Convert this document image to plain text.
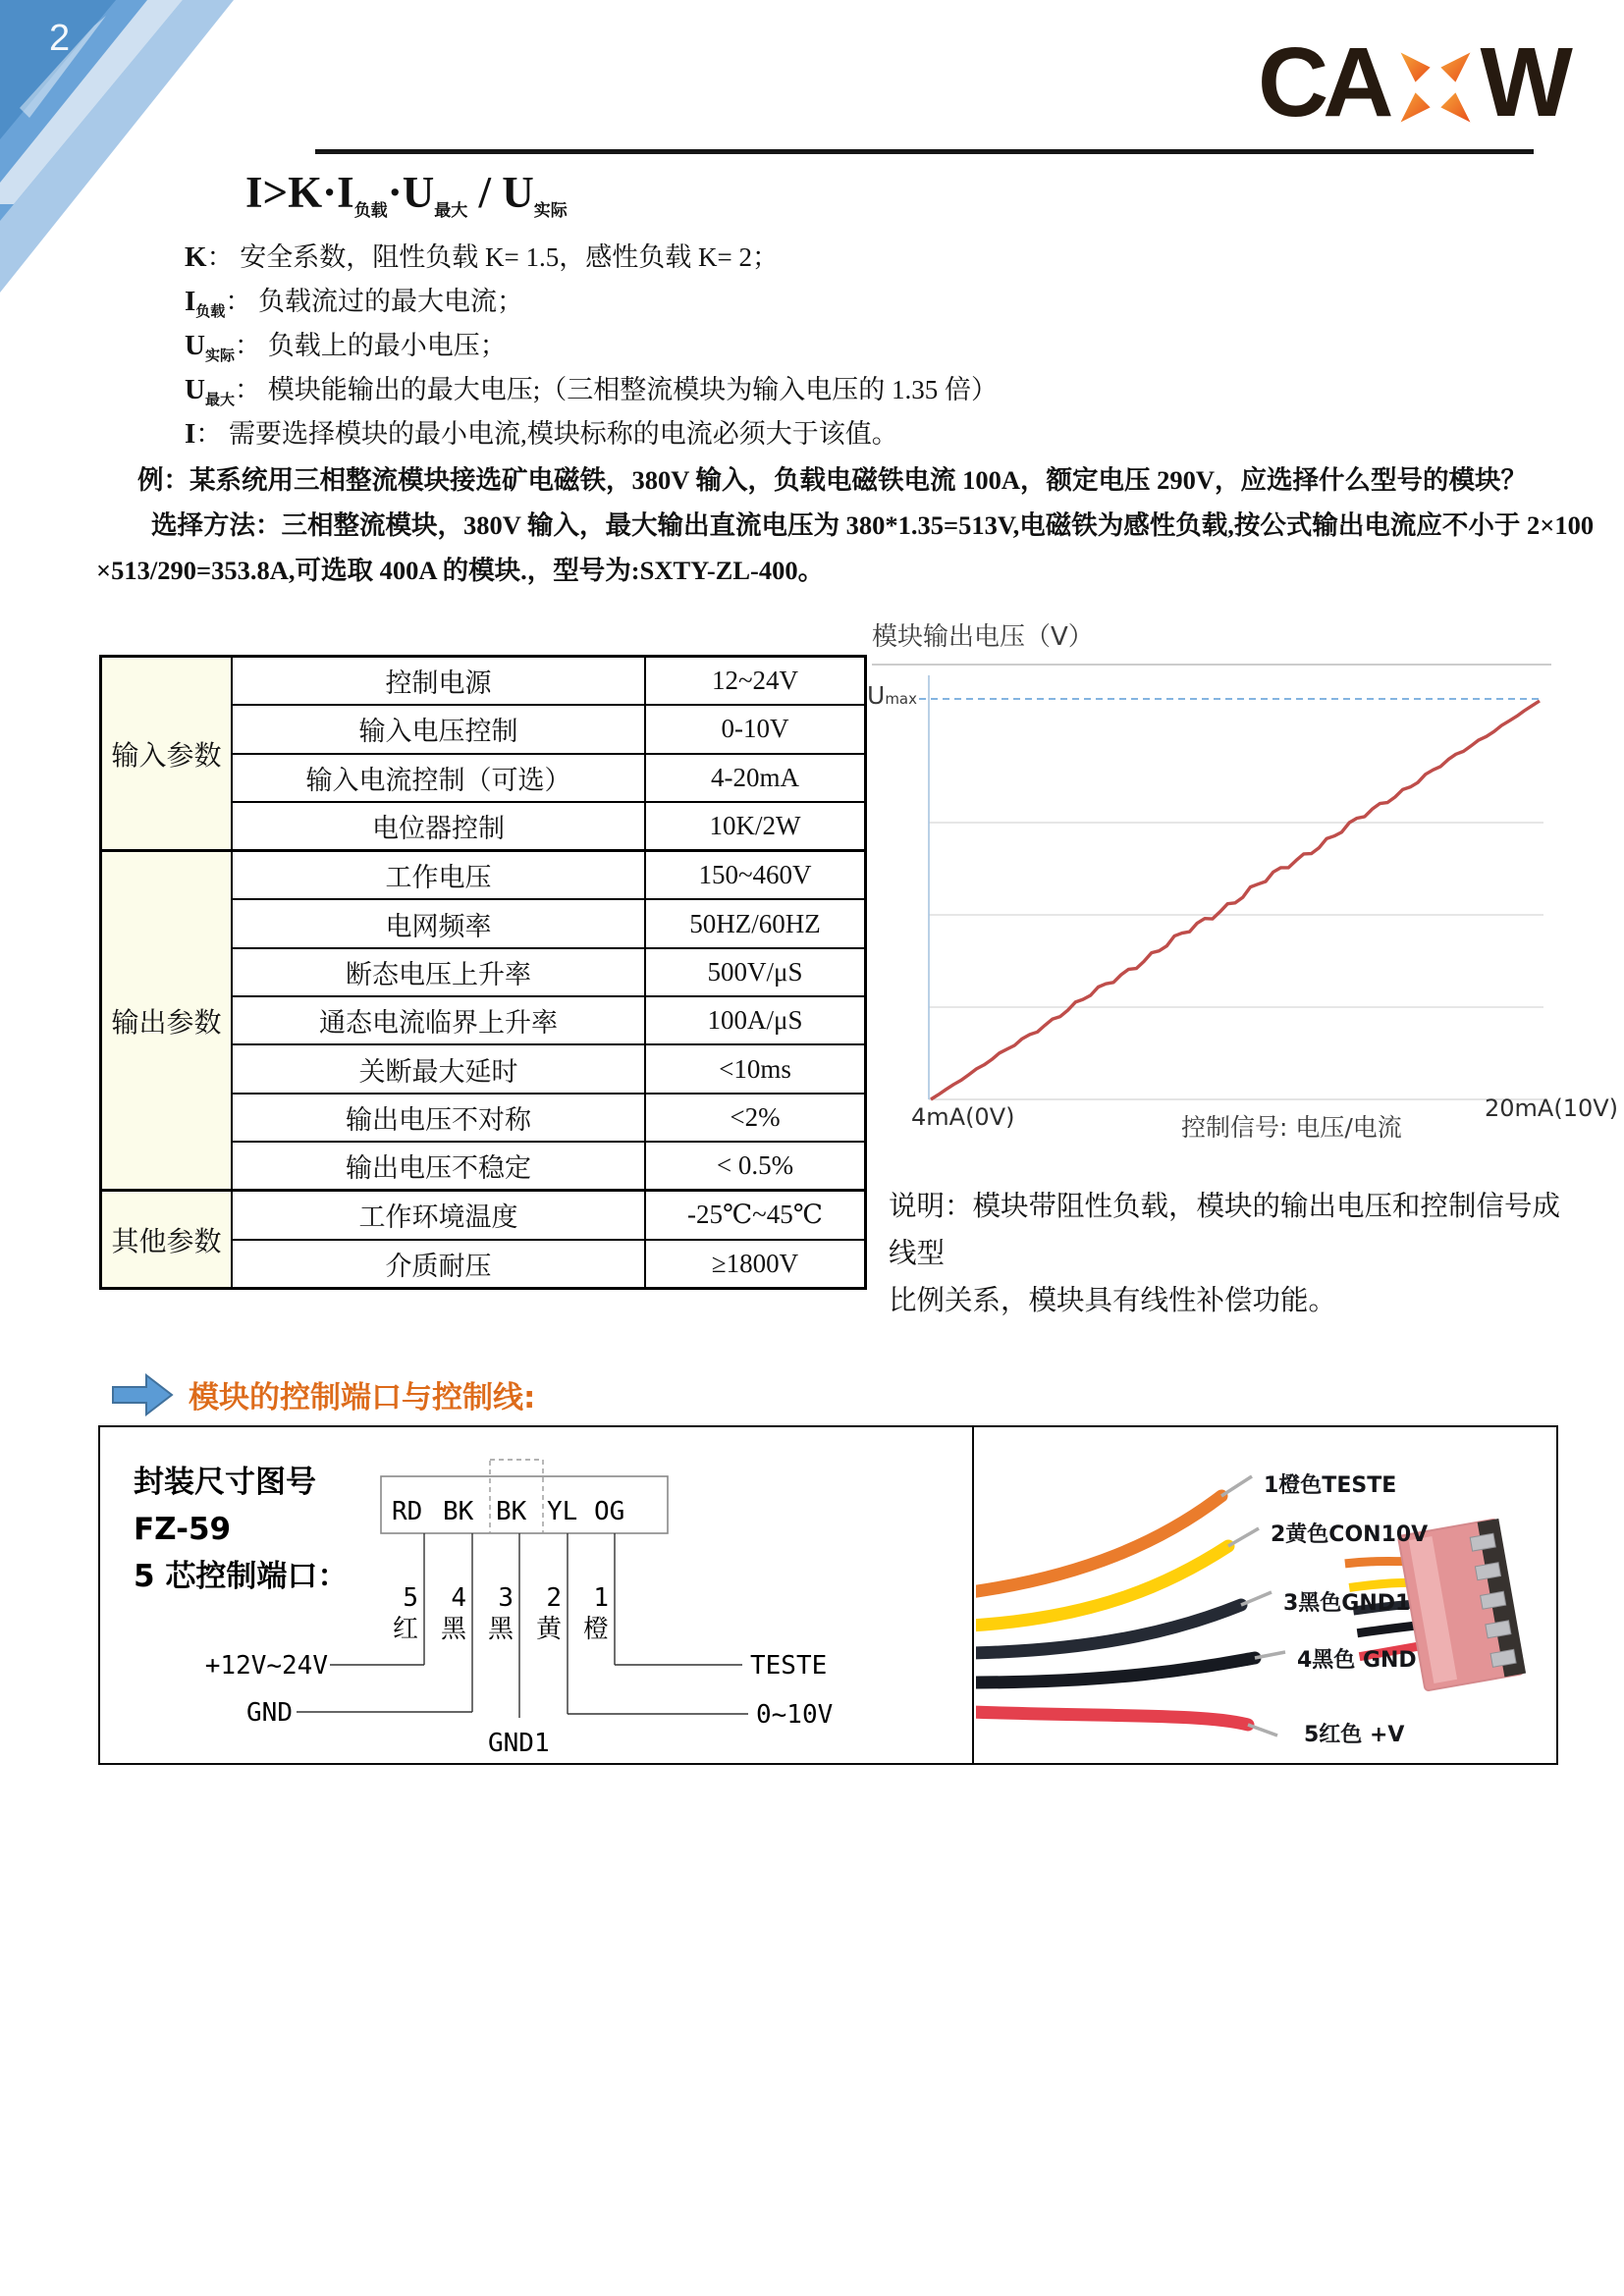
2	CA W
I>K·I负载·U最大 / U实际
K： 安全系数，阻性负载 K= 1.5，感性负载 K= 2；
$I_{负载}$： 负载流过的最大电流；
$U_{实际}$： 负载上的最小电压；
$U_{最大}$： 模块能输出的最大电压;（三相整流模块为输入电压的 1.35 倍）
I： 需要选择模块的最小电流,模块标称的电流必须大于该值。
例：某系统用三相整流模块接选矿电磁铁，380V 输入，负载电磁铁电流 100A，额定电压 290V，应选择什么型号的模块？
选择方法：三相整流模块，380V 输入，最大输出直流电压为 380*1.35=513V,电磁铁为感性负载,按公式输出电流应不小于 2×100
×513/290=353.8A,可选取 400A 的模块.，型号为:SXTY-ZL-400。
输入参数	控制电源	12~24V
	输入电压控制	0-10V
	输入电流控制（可选）	4-20mA
	电位器控制	10K/2W
输出参数	工作电压	150~460V
	电网频率	50HZ/60HZ
	断态电压上升率	500V/μS
	通态电流临界上升率	100A/μS
	关断最大延时	<10ms
	输出电压不对称	<2%
	输出电压不稳定	< 0.5%
其他参数	工作环境温度	-25℃~45℃
	介质耐压	≥1800V
模块输出电压（V）
Umax
4mA(0V)	控制信号: 电压/电流
20mA(10V)
说明：模块带阻性负载，模块的输出电压和控制信号成线型
比例关系，模块具有线性补偿功能。
模块的控制端口与控制线:
封装尺寸图号
FZ-59
5 芯控制端口：
RD BK BK YL OG
5 4 3 2 1
红 黑 黑 黄 橙
+12V~24V
GND
GND1
TESTE
0~10V
1橙色TESTE
2黄色CON10V
3黑色GND1
4黑色 GND
5红色 +V
